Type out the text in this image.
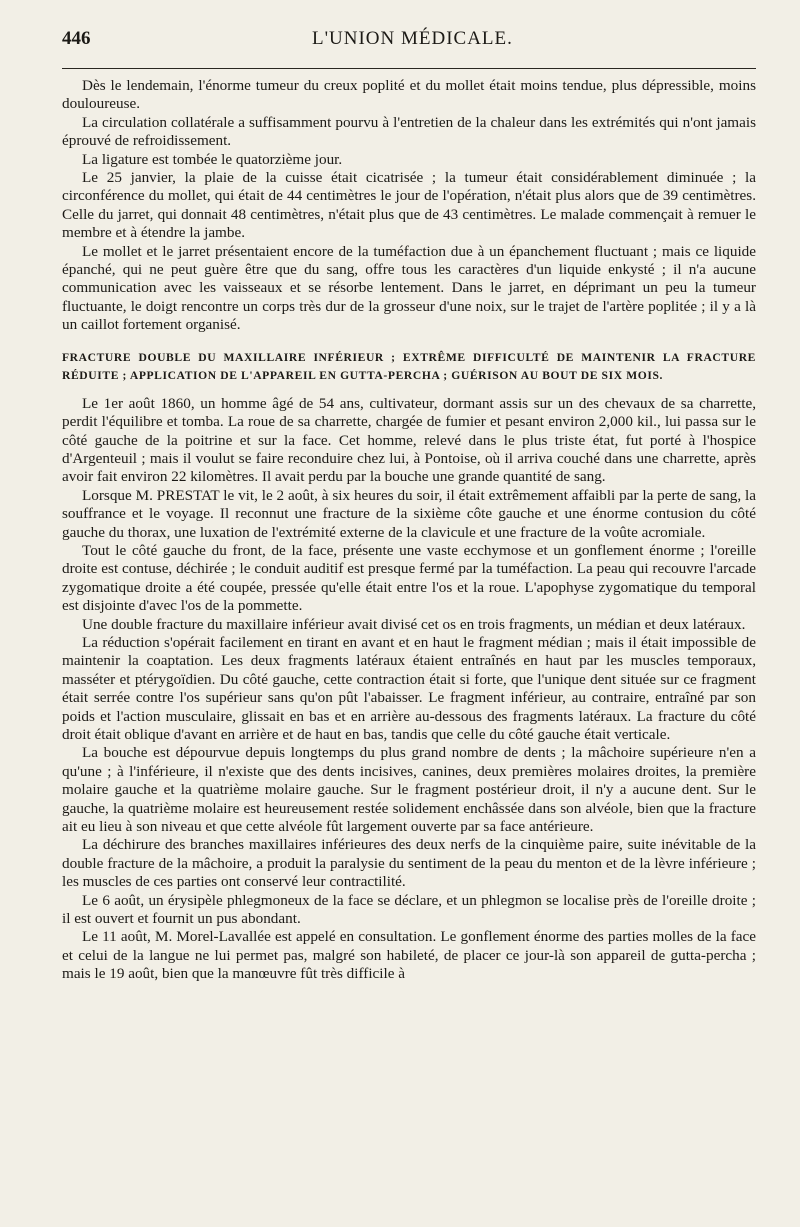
446	L'UNION MÉDICALE.

Dès le lendemain, l'énorme tumeur du creux poplité et du mollet était moins tendue, plus dépressible, moins douloureuse.

La circulation collatérale a suffisamment pourvu à l'entretien de la chaleur dans les extrémités qui n'ont jamais éprouvé de refroidissement.

La ligature est tombée le quatorzième jour.

Le 25 janvier, la plaie de la cuisse était cicatrisée ; la tumeur était considérablement diminuée ; la circonférence du mollet, qui était de 44 centimètres le jour de l'opération, n'était plus alors que de 39 centimètres. Celle du jarret, qui donnait 48 centimètres, n'était plus que de 43 centimètres. Le malade commençait à remuer le membre et à étendre la jambe.

Le mollet et le jarret présentaient encore de la tuméfaction due à un épanchement fluctuant ; mais ce liquide épanché, qui ne peut guère être que du sang, offre tous les caractères d'un liquide enkysté ; il n'a aucune communication avec les vaisseaux et se résorbe lentement. Dans le jarret, en déprimant un peu la tumeur fluctuante, le doigt rencontre un corps très dur de la grosseur d'une noix, sur le trajet de l'artère poplitée ; il y a là un caillot fortement organisé.

FRACTURE DOUBLE DU MAXILLAIRE INFÉRIEUR ; EXTRÊME DIFFICULTÉ DE MAINTENIR LA FRACTURE RÉDUITE ; APPLICATION DE L'APPAREIL EN GUTTA-PERCHA ; GUÉRISON AU BOUT DE SIX MOIS.

Le 1er août 1860, un homme âgé de 54 ans, cultivateur, dormant assis sur un des chevaux de sa charrette, perdit l'équilibre et tomba. La roue de sa charrette, chargée de fumier et pesant environ 2,000 kil., lui passa sur le côté gauche de la poitrine et sur la face. Cet homme, relevé dans le plus triste état, fut porté à l'hospice d'Argenteuil ; mais il voulut se faire reconduire chez lui, à Pontoise, où il arriva couché dans une charrette, après avoir fait environ 22 kilomètres. Il avait perdu par la bouche une grande quantité de sang.

Lorsque M. PRESTAT le vit, le 2 août, à six heures du soir, il était extrêmement affaibli par la perte de sang, la souffrance et le voyage. Il reconnut une fracture de la sixième côte gauche et une énorme contusion du côté gauche du thorax, une luxation de l'extrémité externe de la clavicule et une fracture de la voûte acromiale.

Tout le côté gauche du front, de la face, présente une vaste ecchymose et un gonflement énorme ; l'oreille droite est contuse, déchirée ; le conduit auditif est presque fermé par la tuméfaction. La peau qui recouvre l'arcade zygomatique droite a été coupée, pressée qu'elle était entre l'os et la roue. L'apophyse zygomatique du temporal est disjointe d'avec l'os de la pommette.

Une double fracture du maxillaire inférieur avait divisé cet os en trois fragments, un médian et deux latéraux.

La réduction s'opérait facilement en tirant en avant et en haut le fragment médian ; mais il était impossible de maintenir la coaptation. Les deux fragments latéraux étaient entraînés en haut par les muscles temporaux, masséter et ptérygoïdien. Du côté gauche, cette contraction était si forte, que l'unique dent située sur ce fragment était serrée contre l'os supérieur sans qu'on pût l'abaisser. Le fragment inférieur, au contraire, entraîné par son poids et l'action musculaire, glissait en bas et en arrière au-dessous des fragments latéraux. La fracture du côté droit était oblique d'avant en arrière et de haut en bas, tandis que celle du côté gauche était verticale.

La bouche est dépourvue depuis longtemps du plus grand nombre de dents ; la mâchoire supérieure n'en a qu'une ; à l'inférieure, il n'existe que des dents incisives, canines, deux premières molaires droites, la première molaire gauche et la quatrième molaire gauche. Sur le fragment postérieur droit, il n'y a aucune dent. Sur le gauche, la quatrième molaire est heureusement restée solidement enchâssée dans son alvéole, bien que la fracture ait eu lieu à son niveau et que cette alvéole fût largement ouverte par sa face antérieure.

La déchirure des branches maxillaires inférieures des deux nerfs de la cinquième paire, suite inévitable de la double fracture de la mâchoire, a produit la paralysie du sentiment de la peau du menton et de la lèvre inférieure ; les muscles de ces parties ont conservé leur contractilité.

Le 6 août, un érysipèle phlegmoneux de la face se déclare, et un phlegmon se localise près de l'oreille droite ; il est ouvert et fournit un pus abondant.

Le 11 août, M. Morel-Lavallée est appelé en consultation. Le gonflement énorme des parties molles de la face et celui de la langue ne lui permet pas, malgré son habileté, de placer ce jour-là son appareil de gutta-percha ; mais le 19 août, bien que la manœuvre fût très difficile à
